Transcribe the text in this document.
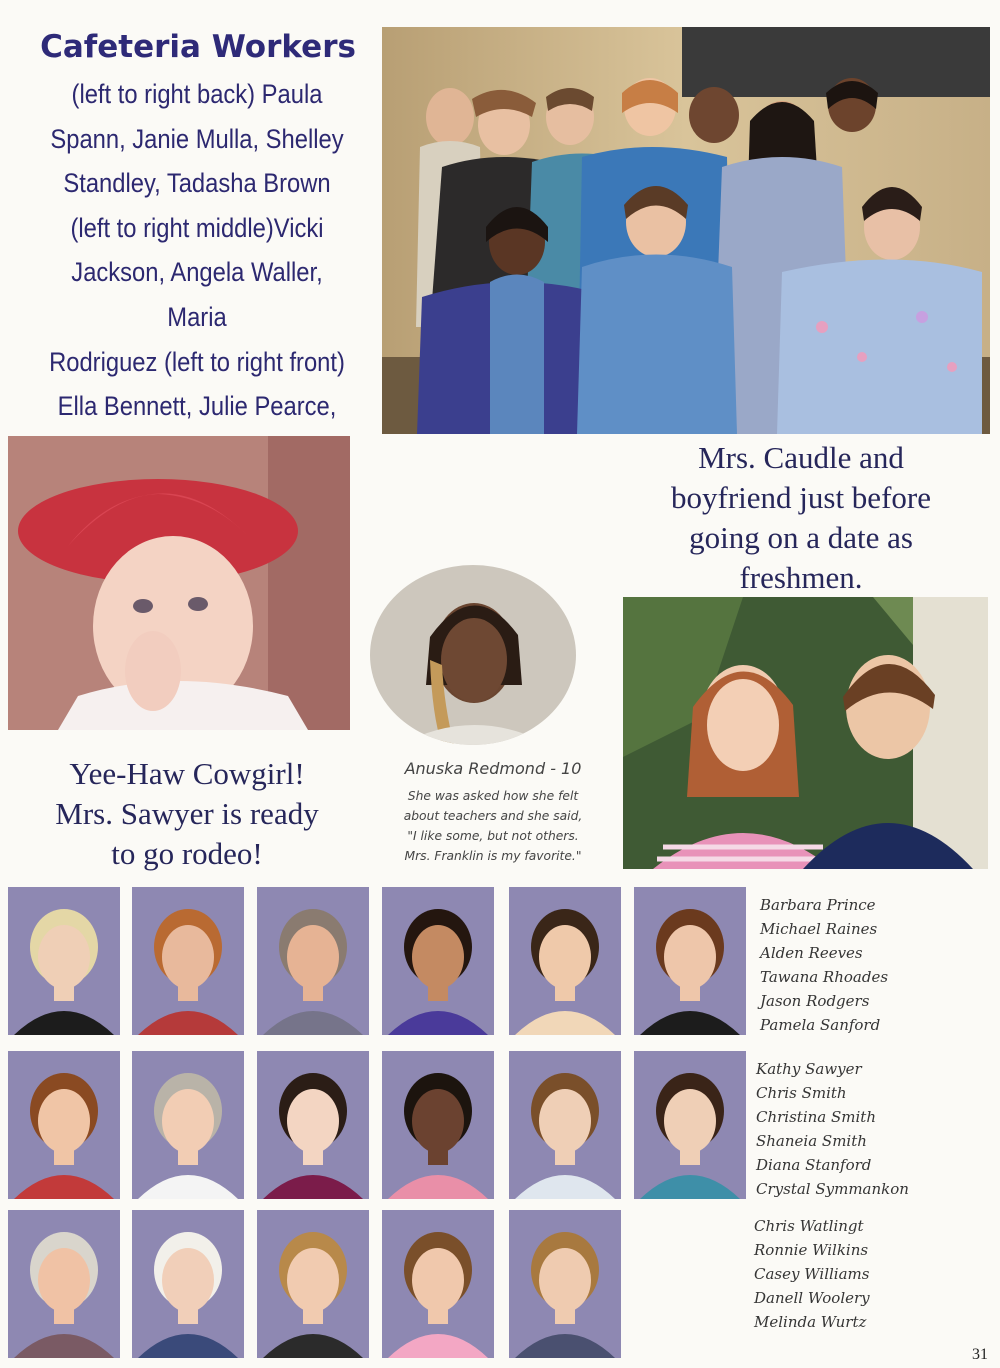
Cafeteria Workers
(left to right back) Paula
Spann, Janie Mulla, Shelley
Standley, Tadasha Brown
(left to right middle)Vicki
Jackson, Angela Waller, Maria
Rodriguez (left to right front)
Ella Bennett, Julie Pearce,
Mrs. Caudle and
boyfriend just before
going on a date as
freshmen.
Yee-Haw Cowgirl!
Mrs. Sawyer is ready
to go rodeo!
Anuska Redmond - 10
She was asked how she felt
about teachers and she said,
"I like some, but not others.
Mrs. Franklin is my favorite."
Barbara Prince
Michael Raines
Alden Reeves
Tawana Rhoades
Jason Rodgers
Pamela Sanford
Kathy Sawyer
Chris Smith
Christina Smith
Shaneia Smith
Diana Stanford
Crystal Symmankon
Chris Watlingt
Ronnie Wilkins
Casey Williams
Danell Woolery
Melinda Wurtz
31
